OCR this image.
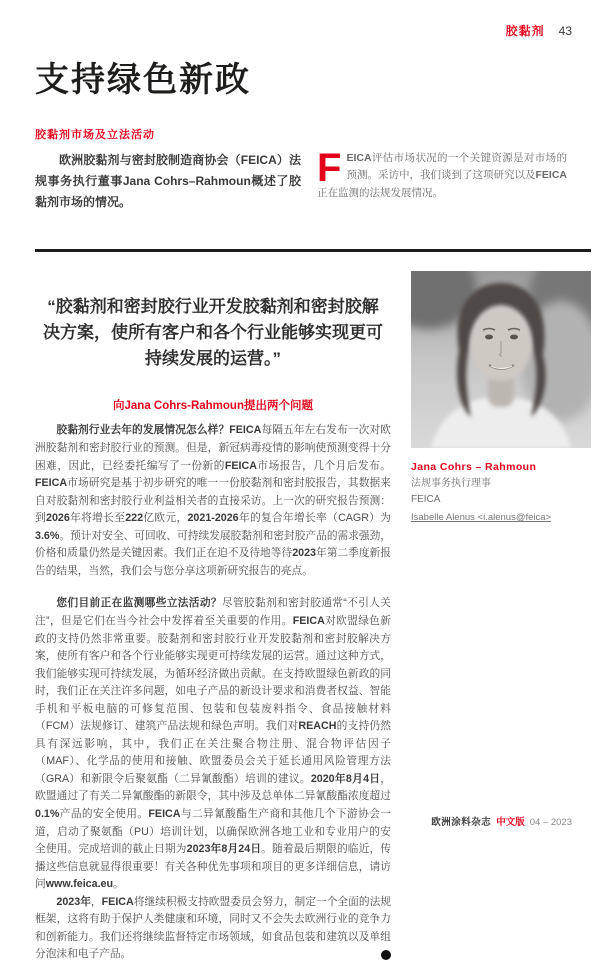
胶黏剂 43
支持绿色新政
胶黏剂市场及立法活动
欧洲胶黏剂与密封胶制造商协会（FEICA）法规事务执行董事Jana Cohrs–Rahmoun概述了胶黏剂市场的情况。
FEICA评估市场状况的一个关键资源是对市场的预测。采访中，我们谈到了这项研究以及FEICA正在监测的法规发展情况。
“胶黏剂和密封胶行业开发胶黏剂和密封胶解决方案，使所有客户和各个行业能够实现更可持续发展的运营。”
向Jana Cohrs-Rahmoun提出两个问题

胶黏剂行业去年的发展情况怎么样？FEICA每隔五年左右发布一次对欧洲胶黏剂和密封胶行业的预测。但是，新冠病毒疫情的影响使预测变得十分困难，因此，已经委托编写了一份新的FEICA市场报告，几个月后发布。FEICA市场研究是基于初步研究的唯一一份胶黏剂和密封胶报告，其数据来自对胶黏剂和密封胶行业利益相关者的直接采访。上一次的研究报告预测：到2026年将增长至222亿欧元，2021-2026年的复合年增长率（CAGR）为3.6%。预计对安全、可回收、可持续发展胶黏剂和密封胶产品的需求强劲，价格和质量仍然是关键因素。我们正在迫不及待地等待2023年第二季度新报告的结果，当然，我们会与您分享这项新研究报告的亮点。

您们目前正在监测哪些立法活动？尽管胶黏剂和密封胶通常“不引人关注”，但是它们在当今社会中发挥着至关重要的作用。FEICA对欧盟绿色新政的支持仍然非常重要。胶黏剂和密封胶行业开发胶黏剂和密封胶解决方案，使所有客户和各个行业能够实现更可持续发展的运营。通过这种方式，我们能够实现可持续发展，为循环经济做出贡献。在支持欧盟绿色新政的同时，我们正在关注许多问题，如电子产品的新设计要求和消费者权益、智能手机和平板电脑的可修复范围、包装和包装废料指令、食品接触材料（FCM）法规修订、建筑产品法规和绿色声明。我们对REACH的支持仍然具有深远影响，其中，我们正在关注聚合物注册、混合物评估因子（MAF）、化学品的使用和接触、欧盟委员会关于延长通用风险管理方法（GRA）和新限令后聚氨酯（二异氰酸酯）培训的建议。2020年8月4日，欧盟通过了有关二异氰酸酯的新限令，其中涉及总单体二异氰酸酯浓度超过0.1%产品的安全使用。FEICA与二异氰酸酯生产商和其他几个下游协会一道，启动了聚氨酯（PU）培训计划，以确保欧洲各地工业和专业用户的安全使用。完成培训的截止日期为2023年8月24日。随着最后期限的临近，传播这些信息就显得很重要！有关各种优先事项和项目的更多详细信息，请访问www.feica.eu。

2023年，FEICA将继续积极支持欧盟委员会努力，制定一个全面的法规框架，这将有助于保护人类健康和环境，同时又不会失去欧洲行业的竞争力和创新能力。我们还将继续监督特定市场领域，如食品包装和建筑以及单组分泡沫和电子产品。	◀

Jana Cohrs – Rahmoun
法规事务执行理事
FEICA
Isabelle Alenus <i.alenus@feica>
欧洲涂料杂志 中文版 04 – 2023
